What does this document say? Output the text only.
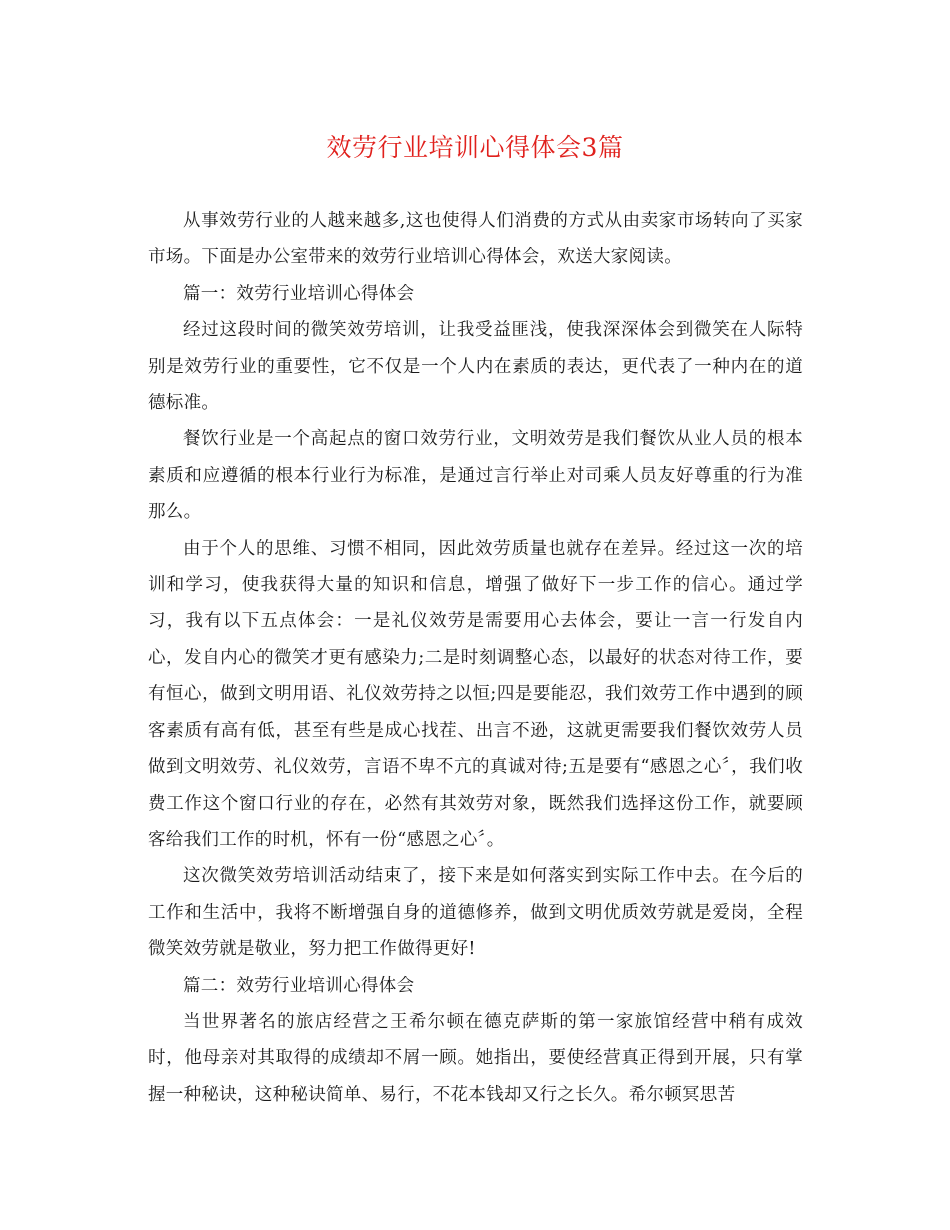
效劳行业培训心得体会3篇

从事效劳行业的人越来越多,这也使得人们消费的方式从由卖家市场转向了买家市场。下面是办公室带来的效劳行业培训心得体会，欢送大家阅读。

篇一：效劳行业培训心得体会

经过这段时间的微笑效劳培训，让我受益匪浅，使我深深体会到微笑在人际特别是效劳行业的重要性，它不仅是一个人内在素质的表达，更代表了一种内在的道德标准。

餐饮行业是一个高起点的窗口效劳行业，文明效劳是我们餐饮从业人员的根本素质和应遵循的根本行业行为标准，是通过言行举止对司乘人员友好尊重的行为准那么。

由于个人的思维、习惯不相同，因此效劳质量也就存在差异。经过这一次的培训和学习，使我获得大量的知识和信息，增强了做好下一步工作的信心。通过学习，我有以下五点体会：一是礼仪效劳是需要用心去体会，要让一言一行发自内心，发自内心的微笑才更有感染力;二是时刻调整心态，以最好的状态对待工作，要有恒心，做到文明用语、礼仪效劳持之以恒;四是要能忍，我们效劳工作中遇到的顾客素质有高有低，甚至有些是成心找茬、出言不逊，这就更需要我们餐饮效劳人员做到文明效劳、礼仪效劳，言语不卑不亢的真诚对待;五是要有“感恩之心〞，我们收费工作这个窗口行业的存在，必然有其效劳对象，既然我们选择这份工作，就要顾客给我们工作的时机，怀有一份“感恩之心〞。

这次微笑效劳培训活动结束了，接下来是如何落实到实际工作中去。在今后的工作和生活中，我将不断增强自身的道德修养，做到文明优质效劳就是爱岗，全程微笑效劳就是敬业，努力把工作做得更好!

篇二：效劳行业培训心得体会

当世界著名的旅店经营之王希尔顿在德克萨斯的第一家旅馆经营中稍有成效时，他母亲对其取得的成绩却不屑一顾。她指出，要使经营真正得到开展，只有掌握一种秘诀，这种秘诀简单、易行，不花本钱却又行之长久。希尔顿冥思苦
